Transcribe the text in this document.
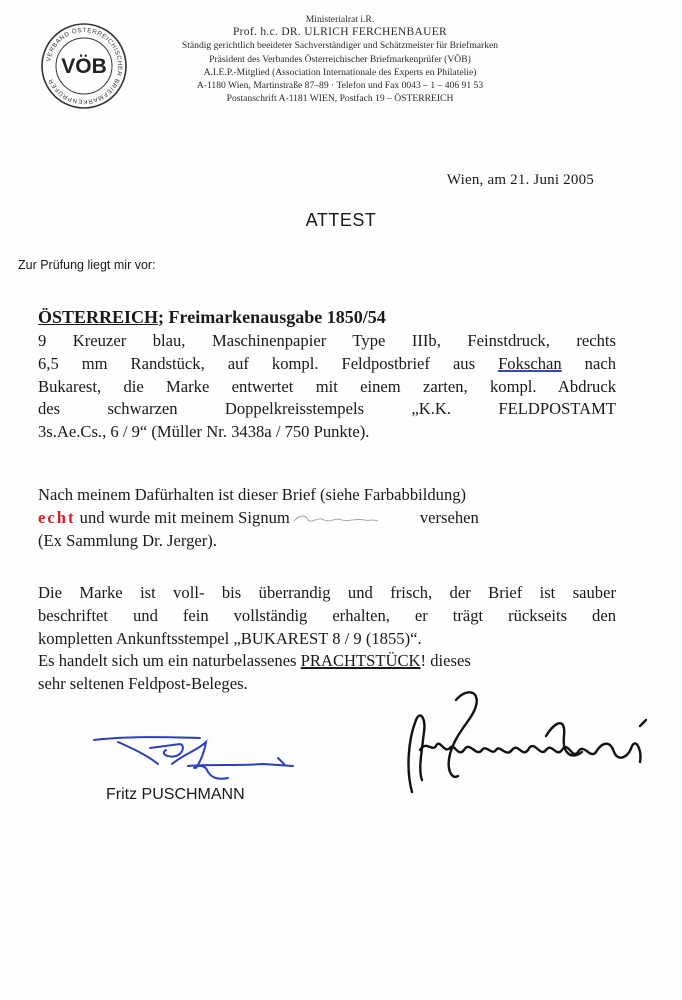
VERBAND ÖSTERREICHISCHER BRIEFMARKENPRÜFER
VÖB
Ministerialrat i.R.
Prof. h.c. DR. ULRICH FERCHENBAUER
Ständig gerichtlich beeideter Sachverständiger und Schätzmeister für Briefmarken
Präsident des Verbandes Österreichischer Briefmarkenprüfer (VÖB)
A.I.E.P.-Mitglied (Association Internationale des Experts en Philatelie)
A-1180 Wien, Martinstraße 87–89 · Telefon und Fax 0043 – 1 – 406 91 53
Postanschrift A-1181 WIEN, Postfach 19 – ÖSTERREICH
Wien, am 21. Juni 2005
ATTEST
Zur Prüfung liegt mir vor:
ÖSTERREICH; Freimarkenausgabe 1850/54
9 Kreuzer blau, Maschinenpapier Type IIIb, Feinstdruck, rechts
6,5 mm Randstück, auf kompl. Feldpostbrief aus Fokschan nach
Bukarest, die Marke entwertet mit einem zarten, kompl. Abdruck
des schwarzen Doppelkreisstempels „K.K. FELDPOSTAMT
3s.Ae.Cs., 6 / 9“ (Müller Nr. 3438a / 750 Punkte).
Nach meinem Dafürhalten ist dieser Brief (siehe Farbabbildung)
echt und wurde mit meinem Signum	versehen
(Ex Sammlung Dr. Jerger).
Die Marke ist voll- bis überrandig und frisch, der Brief ist sauber
beschriftet und fein vollständig erhalten, er trägt rückseits den
kompletten Ankunftsstempel „BUKAREST 8 / 9 (1855)“.
Es handelt sich um ein naturbelassenes PRACHTSTÜCK! dieses
sehr seltenen Feldpost-Beleges.
Fritz PUSCHMANN
